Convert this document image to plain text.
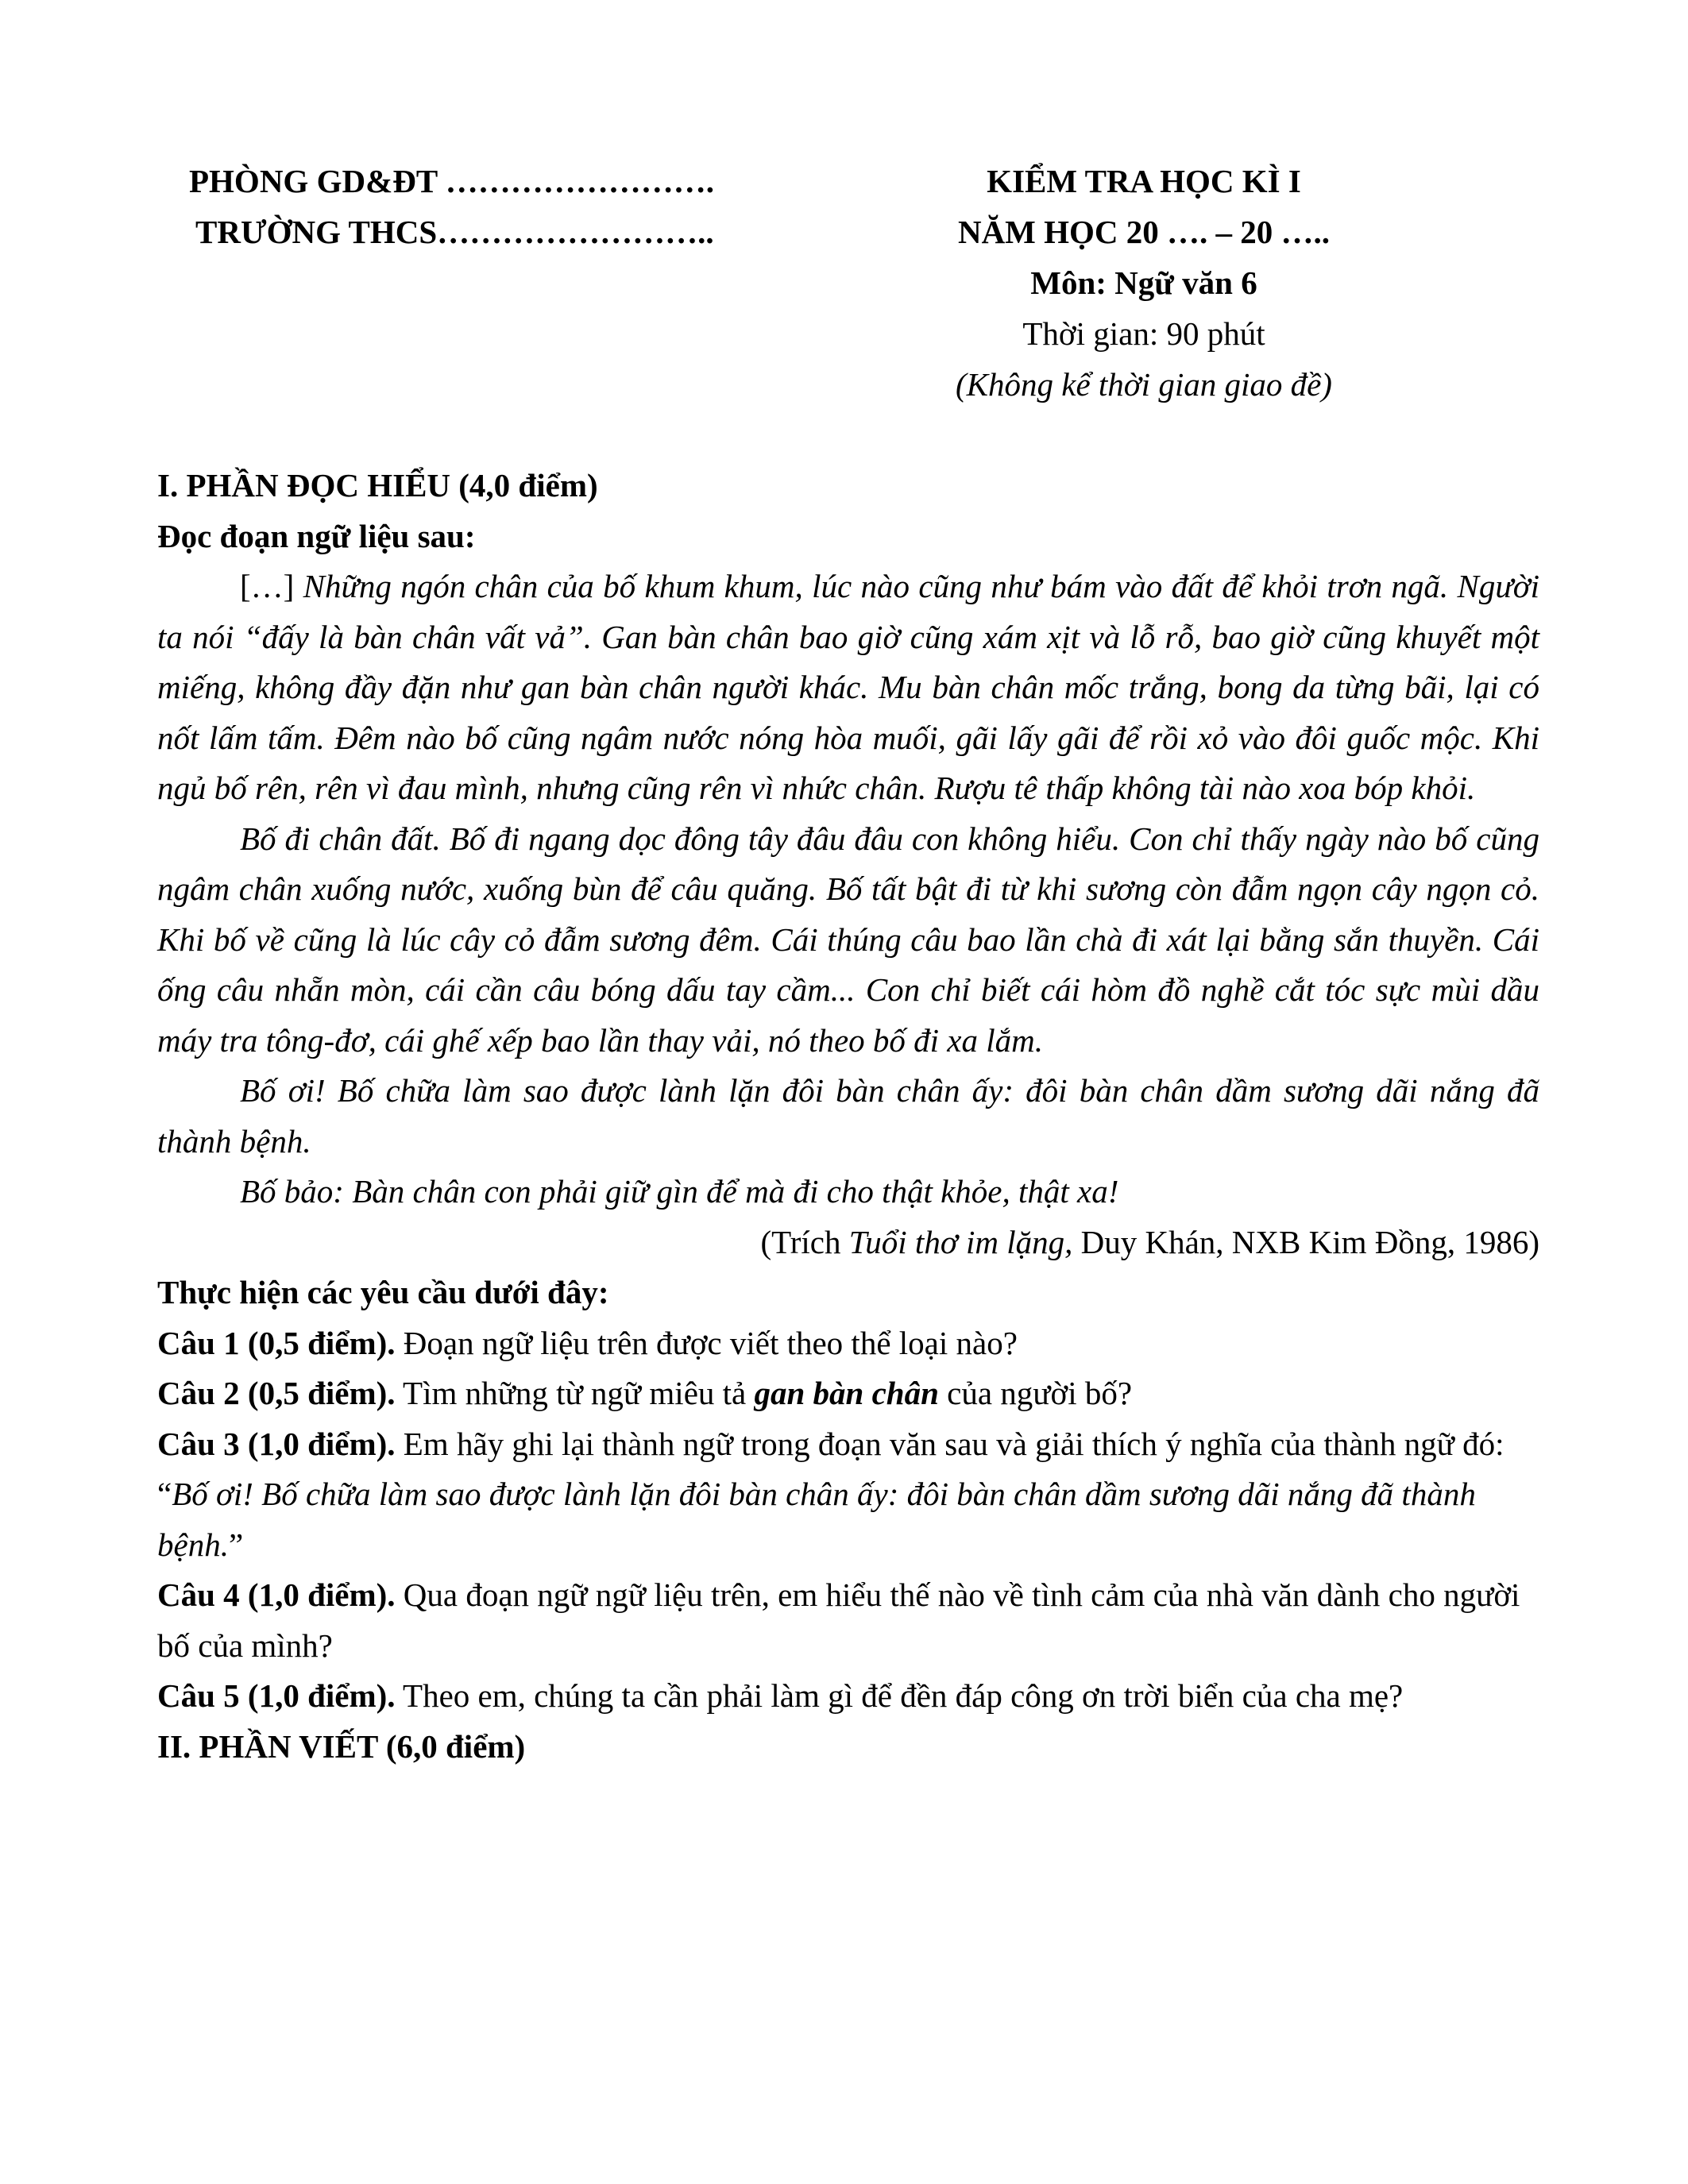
PHÒNG GD&ĐT …………………….
TRƯỜNG THCS……………………..
KIỂM TRA HỌC KÌ I
NĂM HỌC 20 …. – 20 …..
Môn: Ngữ văn 6
Thời gian: 90 phút
(Không kể thời gian giao đề)

I. PHẦN ĐỌC HIỂU (4,0 điểm)

Đọc đoạn ngữ liệu sau:

[…] Những ngón chân của bố khum khum, lúc nào cũng như bám vào đất để khỏi trơn ngã. Người ta nói “đấy là bàn chân vất vả”. Gan bàn chân bao giờ cũng xám xịt và lỗ rỗ, bao giờ cũng khuyết một miếng, không đầy đặn như gan bàn chân người khác. Mu bàn chân mốc trắng, bong da từng bãi, lại có nốt lấm tấm. Đêm nào bố cũng ngâm nước nóng hòa muối, gãi lấy gãi để rồi xỏ vào đôi guốc mộc. Khi ngủ bố rên, rên vì đau mình, nhưng cũng rên vì nhức chân. Rượu tê thấp không tài nào xoa bóp khỏi.

Bố đi chân đất. Bố đi ngang dọc đông tây đâu đâu con không hiểu. Con chỉ thấy ngày nào bố cũng ngâm chân xuống nước, xuống bùn để câu quăng. Bố tất bật đi từ khi sương còn đẫm ngọn cây ngọn cỏ. Khi bố về cũng là lúc cây cỏ đẫm sương đêm. Cái thúng câu bao lần chà đi xát lại bằng sắn thuyền. Cái ống câu nhẵn mòn, cái cần câu bóng dấu tay cầm... Con chỉ biết cái hòm đồ nghề cắt tóc sực mùi dầu máy tra tông-đơ, cái ghế xếp bao lần thay vải, nó theo bố đi xa lắm.

Bố ơi! Bố chữa làm sao được lành lặn đôi bàn chân ấy: đôi bàn chân dầm sương dãi nắng đã thành bệnh.

Bố bảo: Bàn chân con phải giữ gìn để mà đi cho thật khỏe, thật xa!

(Trích Tuổi thơ im lặng, Duy Khán, NXB Kim Đồng, 1986)

Thực hiện các yêu cầu dưới đây:

Câu 1 (0,5 điểm). Đoạn ngữ liệu trên được viết theo thể loại nào?

Câu 2 (0,5 điểm). Tìm những từ ngữ miêu tả gan bàn chân của người bố?

Câu 3 (1,0 điểm). Em hãy ghi lại thành ngữ trong đoạn văn sau và giải thích ý nghĩa của thành ngữ đó: “Bố ơi! Bố chữa làm sao được lành lặn đôi bàn chân ấy: đôi bàn chân dầm sương dãi nắng đã thành bệnh.”

Câu 4 (1,0 điểm). Qua đoạn ngữ ngữ liệu trên, em hiểu thế nào về tình cảm của nhà văn dành cho người bố của mình?

Câu 5 (1,0 điểm). Theo em, chúng ta cần phải làm gì để đền đáp công ơn trời biển của cha mẹ?

II. PHẦN VIẾT (6,0 điểm)
